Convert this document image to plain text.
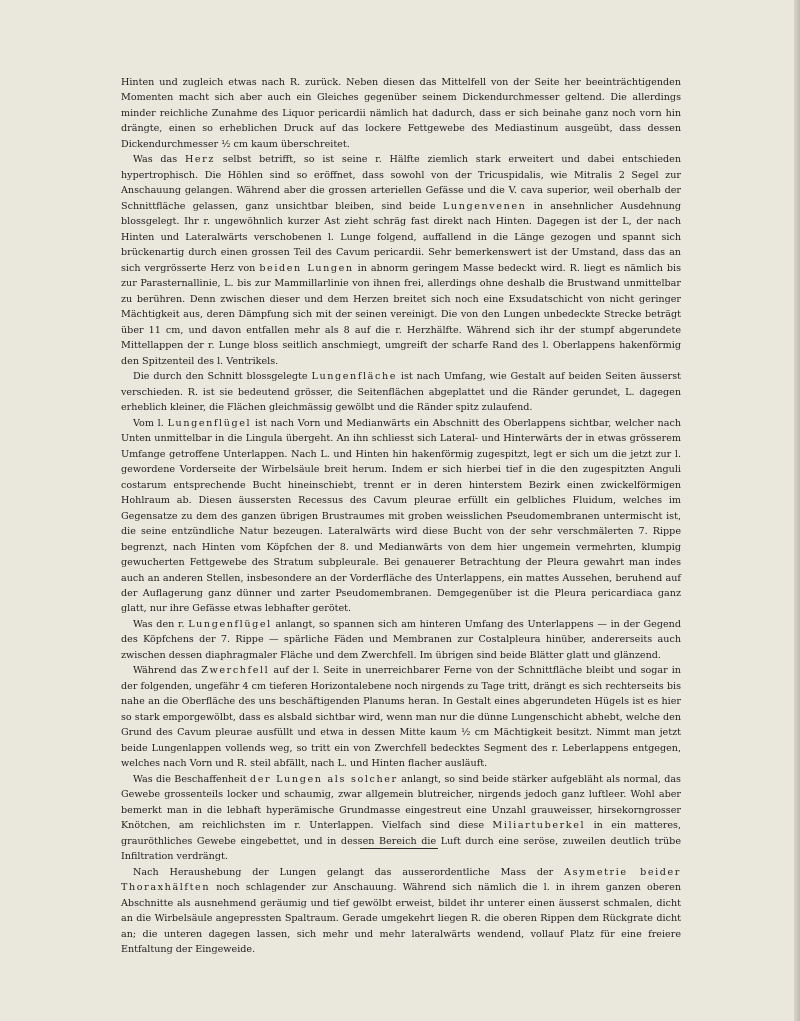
Hinten und zugleich etwas nach R. zurück. Neben diesen das Mittelfell von der Seite her beeinträchtigenden Momenten macht sich aber auch ein Gleiches gegenüber seinem Dickendurchmesser geltend. Die allerdings minder reichliche Zunahme des Liquor pericardii nämlich hat dadurch, dass er sich beinahe ganz noch vorn hin drängte, einen so erheblichen Druck auf das lockere Fettgewebe des Mediastinum ausgeübt, dass dessen Dickendurchmesser ½ cm kaum überschreitet.

Was das Herz selbst betrifft, so ist seine r. Hälfte ziemlich stark erweitert und dabei entschieden hypertrophisch. Die Höhlen sind so eröffnet, dass sowohl von der Tricuspidalis, wie Mitralis 2 Segel zur Anschauung gelangen. Während aber die grossen arteriellen Gefässe und die V. cava superior, weil oberhalb der Schnittfläche gelassen, ganz unsichtbar bleiben, sind beide Lungenvenen in ansehnlicher Ausdehnung blossgelegt. Ihr r. ungewöhnlich kurzer Ast zieht schräg fast direkt nach Hinten. Dagegen ist der L, der nach Hinten und Lateralwärts verschobenen l. Lunge folgend, auffallend in die Länge gezogen und spannt sich brückenartig durch einen grossen Teil des Cavum pericardii. Sehr bemerkenswert ist der Umstand, dass das an sich vergrösserte Herz von beiden Lungen in abnorm geringem Masse bedeckt wird. R. liegt es nämlich bis zur Parasternallinie, L. bis zur Mammillarlinie von ihnen frei, allerdings ohne deshalb die Brustwand unmittelbar zu berühren. Denn zwischen dieser und dem Herzen breitet sich noch eine Exsudatschicht von nicht geringer Mächtigkeit aus, deren Dämpfung sich mit der seinen vereinigt. Die von den Lungen unbedeckte Strecke beträgt über 11 cm, und davon entfallen mehr als 8 auf die r. Herzhälfte. Während sich ihr der stumpf abgerundete Mittellappen der r. Lunge bloss seitlich anschmiegt, umgreift der scharfe Rand des l. Oberlappens hakenförmig den Spitzenteil des l. Ventrikels.

Die durch den Schnitt blossgelegte Lungenfläche ist nach Umfang, wie Gestalt auf beiden Seiten äusserst verschieden. R. ist sie bedeutend grösser, die Seitenflächen abgeplattet und die Ränder gerundet, L. dagegen erheblich kleiner, die Flächen gleichmässig gewölbt und die Ränder spitz zulaufend.

Vom l. Lungenflügel ist nach Vorn und Medianwärts ein Abschnitt des Oberlappens sichtbar, welcher nach Unten unmittelbar in die Lingula übergeht. An ihn schliesst sich Lateral- und Hinterwärts der in etwas grösserem Umfange getroffene Unterlappen. Nach L. und Hinten hin hakenförmig zugespitzt, legt er sich um die jetzt zur l. gewordene Vorderseite der Wirbelsäule breit herum. Indem er sich hierbei tief in die den zugespitzten Anguli costarum entsprechende Bucht hineinschiebt, trennt er in deren hinterstem Bezirk einen zwickelförmigen Hohlraum ab. Diesen äussersten Recessus des Cavum pleurae erfüllt ein gelbliches Fluidum, welches im Gegensatze zu dem des ganzen übrigen Brustraumes mit groben weisslichen Pseudomembranen untermischt ist, die seine entzündliche Natur bezeugen. Lateralwärts wird diese Bucht von der sehr verschmälerten 7. Rippe begrenzt, nach Hinten vom Köpfchen der 8. und Medianwärts von dem hier ungemein vermehrten, klumpig gewucherten Fettgewebe des Stratum subpleurale. Bei genauerer Betrachtung der Pleura gewahrt man indes auch an anderen Stellen, insbesondere an der Vorderfläche des Unterlappens, ein mattes Aussehen, beruhend auf der Auflagerung ganz dünner und zarter Pseudomembranen. Demgegenüber ist die Pleura pericardiaca ganz glatt, nur ihre Gefässe etwas lebhafter gerötet.

Was den r. Lungenflügel anlangt, so spannen sich am hinteren Umfang des Unterlappens — in der Gegend des Köpfchens der 7. Rippe — spärliche Fäden und Membranen zur Costalpleura hinüber, andererseits auch zwischen dessen diaphragmaler Fläche und dem Zwerchfell. Im übrigen sind beide Blätter glatt und glänzend.

Während das Zwerchfell auf der l. Seite in unerreichbarer Ferne von der Schnittfläche bleibt und sogar in der folgenden, ungefähr 4 cm tieferen Horizontalebene noch nirgends zu Tage tritt, drängt es sich rechterseits bis nahe an die Oberfläche des uns beschäftigenden Planums heran. In Gestalt eines abgerundeten Hügels ist es hier so stark emporgewölbt, dass es alsbald sichtbar wird, wenn man nur die dünne Lungenschicht abhebt, welche den Grund des Cavum pleurae ausfüllt und etwa in dessen Mitte kaum ½ cm Mächtigkeit besitzt. Nimmt man jetzt beide Lungenlappen vollends weg, so tritt ein von Zwerchfell bedecktes Segment des r. Leberlappens entgegen, welches nach Vorn und R. steil abfällt, nach L. und Hinten flacher ausläuft.

Was die Beschaffenheit der Lungen als solcher anlangt, so sind beide stärker aufgebläht als normal, das Gewebe grossenteils locker und schaumig, zwar allgemein blutreicher, nirgends jedoch ganz luftleer. Wohl aber bemerkt man in die lebhaft hyperämische Grundmasse eingestreut eine Unzahl grauweisser, hirsekorngrosser Knötchen, am reichlichsten im r. Unterlappen. Vielfach sind diese Miliartuberkel in ein matteres, grauröthliches Gewebe eingebettet, und in dessen Bereich die Luft durch eine seröse, zuweilen deutlich trübe Infiltration verdrängt.

Nach Heraushebung der Lungen gelangt das ausserordentliche Mass der Asymetrie beider Thoraxhälften noch schlagender zur Anschauung. Während sich nämlich die l. in ihrem ganzen oberen Abschnitte als ausnehmend geräumig und tief gewölbt erweist, bildet ihr unterer einen äusserst schmalen, dicht an die Wirbelsäule angepressten Spaltraum. Gerade umgekehrt liegen R. die oberen Rippen dem Rückgrate dicht an; die unteren dagegen lassen, sich mehr und mehr lateralwärts wendend, vollauf Platz für eine freiere Entfaltung der Eingeweide.
